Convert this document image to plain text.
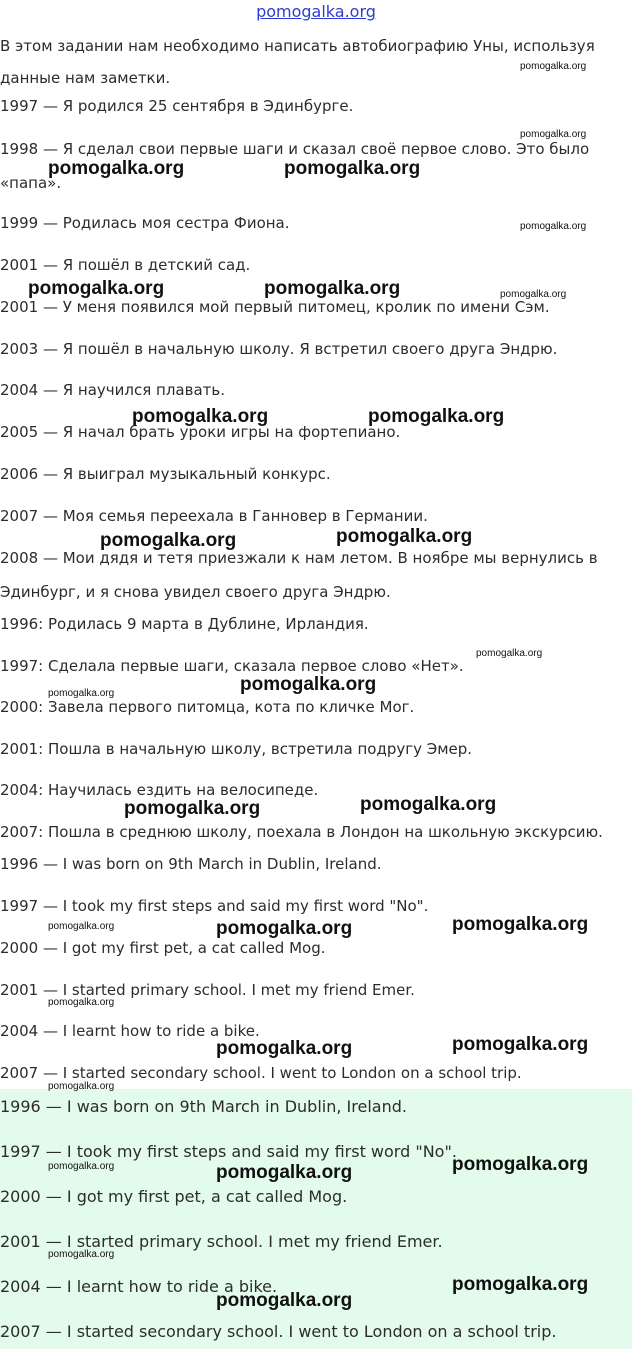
pomogalka.org
В этом задании нам необходимо написать автобиографию Уны, используя данные нам заметки.
1997 — Я родился 25 сентября в Эдинбурге.
1998 — Я сделал свои первые шаги и сказал своё первое слово. Это было «папа».
1999 — Родилась моя сестра Фиона.
2001 — Я пошёл в детский сад.
2001 — У меня появился мой первый питомец, кролик по имени Сэм.
2003 — Я пошёл в начальную школу. Я встретил своего друга Эндрю.
2004 — Я научился плавать.
2005 — Я начал брать уроки игры на фортепиано.
2006 — Я выиграл музыкальный конкурс.
2007 — Моя семья переехала в Ганновер в Германии.
2008 — Мои дядя и тетя приезжали к нам летом. В ноябре мы вернулись в Эдинбург, и я снова увидел своего друга Эндрю.
1996: Родилась 9 марта в Дублине, Ирландия.
1997: Сделала первые шаги, сказала первое слово «Нет».
2000: Завела первого питомца, кота по кличке Мог.
2001: Пошла в начальную школу, встретила подругу Эмер.
2004: Научилась ездить на велосипеде.
2007: Пошла в среднюю школу, поехала в Лондон на школьную экскурсию.
1996 — I was born on 9th March in Dublin, Ireland.
1997 — I took my first steps and said my first word "No".
2000 — I got my first pet, a cat called Mog.
2001 — I started primary school. I met my friend Emer.
2004 — I learnt how to ride a bike.
2007 — I started secondary school. I went to London on a school trip.
1996 — I was born on 9th March in Dublin, Ireland.
1997 — I took my first steps and said my first word "No".
2000 — I got my first pet, a cat called Mog.
2001 — I started primary school. I met my friend Emer.
2004 — I learnt how to ride a bike.
2007 — I started secondary school. I went to London on a school trip.
pomogalka.org
pomogalka.org
pomogalka.org	pomogalka.org
pomogalka.org
pomogalka.org	pomogalka.org	pomogalka.org
pomogalka.org	pomogalka.org
pomogalka.org	pomogalka.org
pomogalka.org
pomogalka.org
pomogalka.org
pomogalka.org	pomogalka.org
pomogalka.org	pomogalka.org	pomogalka.org
pomogalka.org
pomogalka.org	pomogalka.org
pomogalka.org
pomogalka.org	pomogalka.org	pomogalka.org
pomogalka.org
pomogalka.org
pomogalka.org
